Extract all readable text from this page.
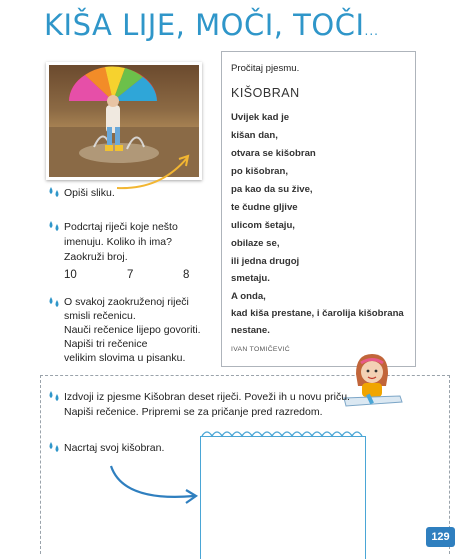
KIŠA LIJE, MOČI, TOČI...
Opiši sliku.
Podcrtaj riječi koje nešto
imenuju. Koliko ih ima?
Zaokruži broj.
10	7	8
O svakoj zaokruženoj riječi
smisli rečenicu.
Nauči rečenice lijepo govoriti.
Napiši tri rečenice
velikim slovima u pisanku.
Pročitaj pjesmu.
KIŠOBRAN
Uvijek kad je
kišan dan,
otvara se kišobran
po kišobran,
pa kao da su žive,
te čudne gljive
ulicom šetaju,
obilaze se,
ili jedna drugoj
smetaju.
A onda,
kad kiša prestane, i čarolija kišobrana
nestane.
IVAN TOMIČEVIĆ
Izdvoji iz pjesme Kišobran deset riječi. Poveži ih u novu priču.
Napiši rečenice. Pripremi se za pričanje pred razredom.
Nacrtaj svoj kišobran.
129
